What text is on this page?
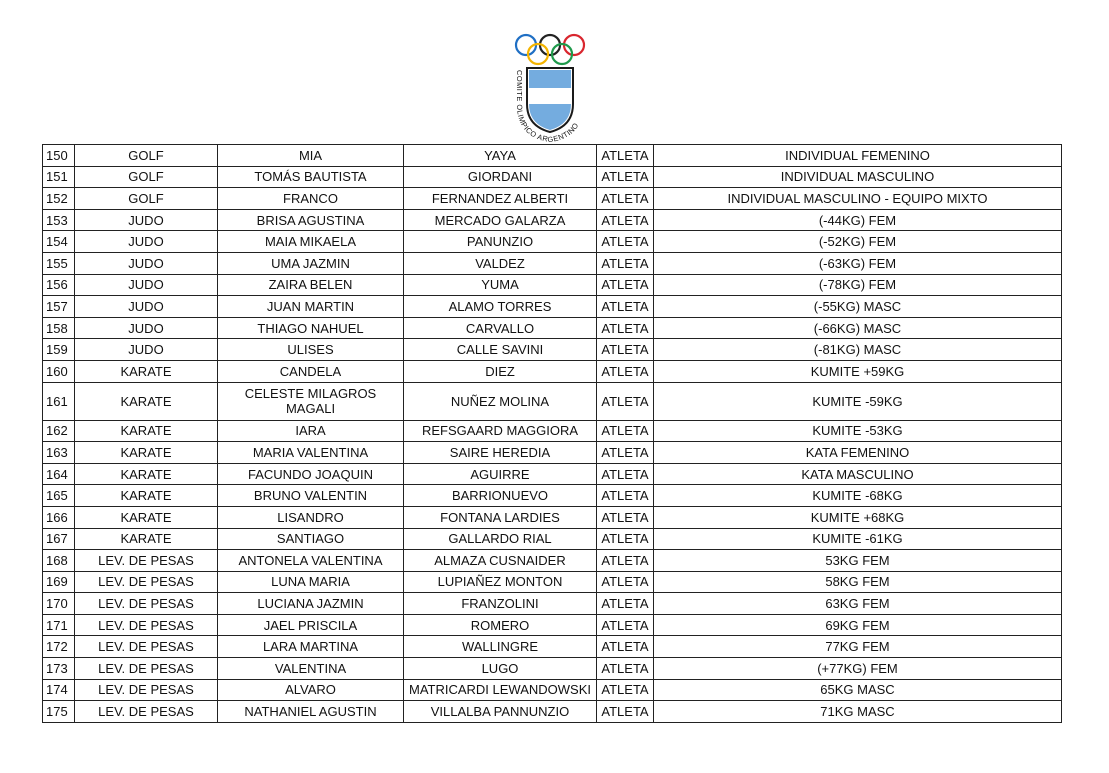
COMITE OLIMPICO ARGENTINO
150	GOLF	MIA	YAYA	ATLETA	INDIVIDUAL FEMENINO
151	GOLF	TOMÁS BAUTISTA	GIORDANI	ATLETA	INDIVIDUAL MASCULINO
152	GOLF	FRANCO	FERNANDEZ ALBERTI	ATLETA	INDIVIDUAL MASCULINO - EQUIPO MIXTO
153	JUDO	BRISA AGUSTINA	MERCADO GALARZA	ATLETA	(-44KG) FEM
154	JUDO	MAIA MIKAELA	PANUNZIO	ATLETA	(-52KG) FEM
155	JUDO	UMA JAZMIN	VALDEZ	ATLETA	(-63KG) FEM
156	JUDO	ZAIRA BELEN	YUMA	ATLETA	(-78KG) FEM
157	JUDO	JUAN MARTIN	ALAMO TORRES	ATLETA	(-55KG) MASC
158	JUDO	THIAGO NAHUEL	CARVALLO	ATLETA	(-66KG) MASC
159	JUDO	ULISES	CALLE SAVINI	ATLETA	(-81KG) MASC
160	KARATE	CANDELA	DIEZ	ATLETA	KUMITE +59KG
161	KARATE	CELESTE MILAGROS MAGALI	NUÑEZ MOLINA	ATLETA	KUMITE -59KG
162	KARATE	IARA	REFSGAARD MAGGIORA	ATLETA	KUMITE -53KG
163	KARATE	MARIA VALENTINA	SAIRE HEREDIA	ATLETA	KATA FEMENINO
164	KARATE	FACUNDO JOAQUIN	AGUIRRE	ATLETA	KATA MASCULINO
165	KARATE	BRUNO VALENTIN	BARRIONUEVO	ATLETA	KUMITE -68KG
166	KARATE	LISANDRO	FONTANA LARDIES	ATLETA	KUMITE +68KG
167	KARATE	SANTIAGO	GALLARDO RIAL	ATLETA	KUMITE -61KG
168	LEV. DE PESAS	ANTONELA VALENTINA	ALMAZA CUSNAIDER	ATLETA	53KG FEM
169	LEV. DE PESAS	LUNA MARIA	LUPIAÑEZ MONTON	ATLETA	58KG FEM
170	LEV. DE PESAS	LUCIANA JAZMIN	FRANZOLINI	ATLETA	63KG FEM
171	LEV. DE PESAS	JAEL PRISCILA	ROMERO	ATLETA	69KG FEM
172	LEV. DE PESAS	LARA MARTINA	WALLINGRE	ATLETA	77KG FEM
173	LEV. DE PESAS	VALENTINA	LUGO	ATLETA	(+77KG) FEM
174	LEV. DE PESAS	ALVARO	MATRICARDI LEWANDOWSKI	ATLETA	65KG MASC
175	LEV. DE PESAS	NATHANIEL AGUSTIN	VILLALBA PANNUNZIO	ATLETA	71KG MASC
